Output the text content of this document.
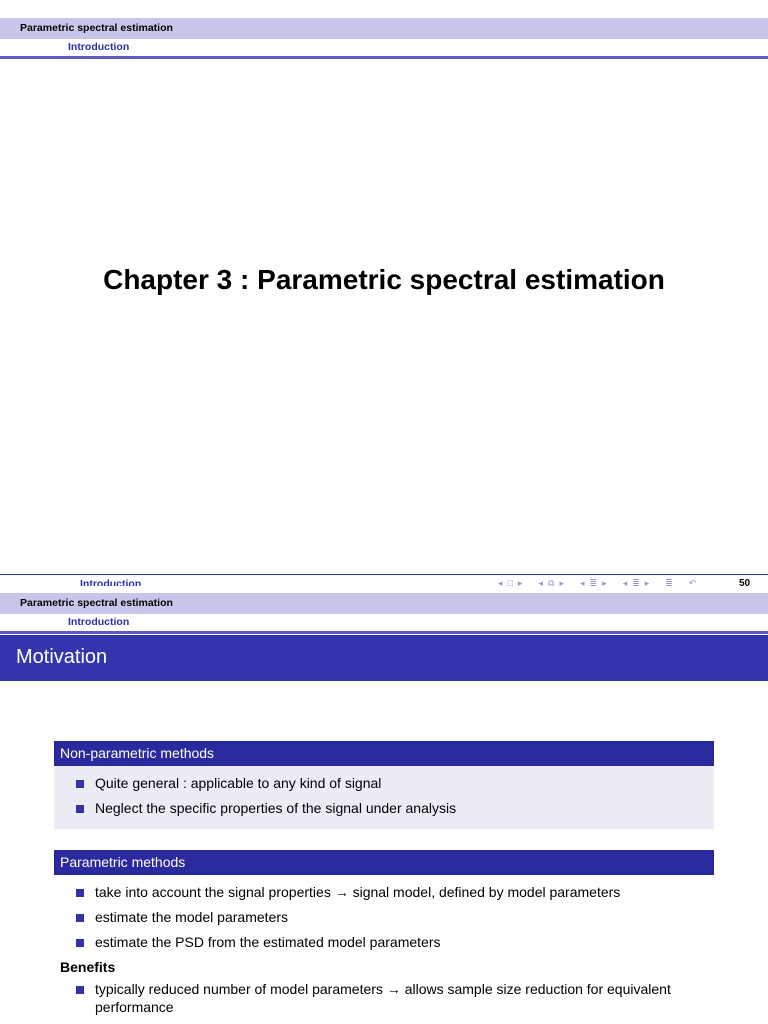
Parametric spectral estimation
Introduction
Chapter 3 : Parametric spectral estimation
Introduction	◂ □ ▸ ◂ ⧉ ▸ ◂ ≣ ▸ ◂ ≣ ▸ ≣ ↶	50
Parametric spectral estimation
Introduction
Motivation
Non-parametric methods
Quite general : applicable to any kind of signal
Neglect the specific properties of the signal under analysis
Parametric methods
take into account the signal properties → signal model, defined by model parameters
estimate the model parameters
estimate the PSD from the estimated model parameters
Benefits
typically reduced number of model parameters → allows sample size reduction for equivalent performance
